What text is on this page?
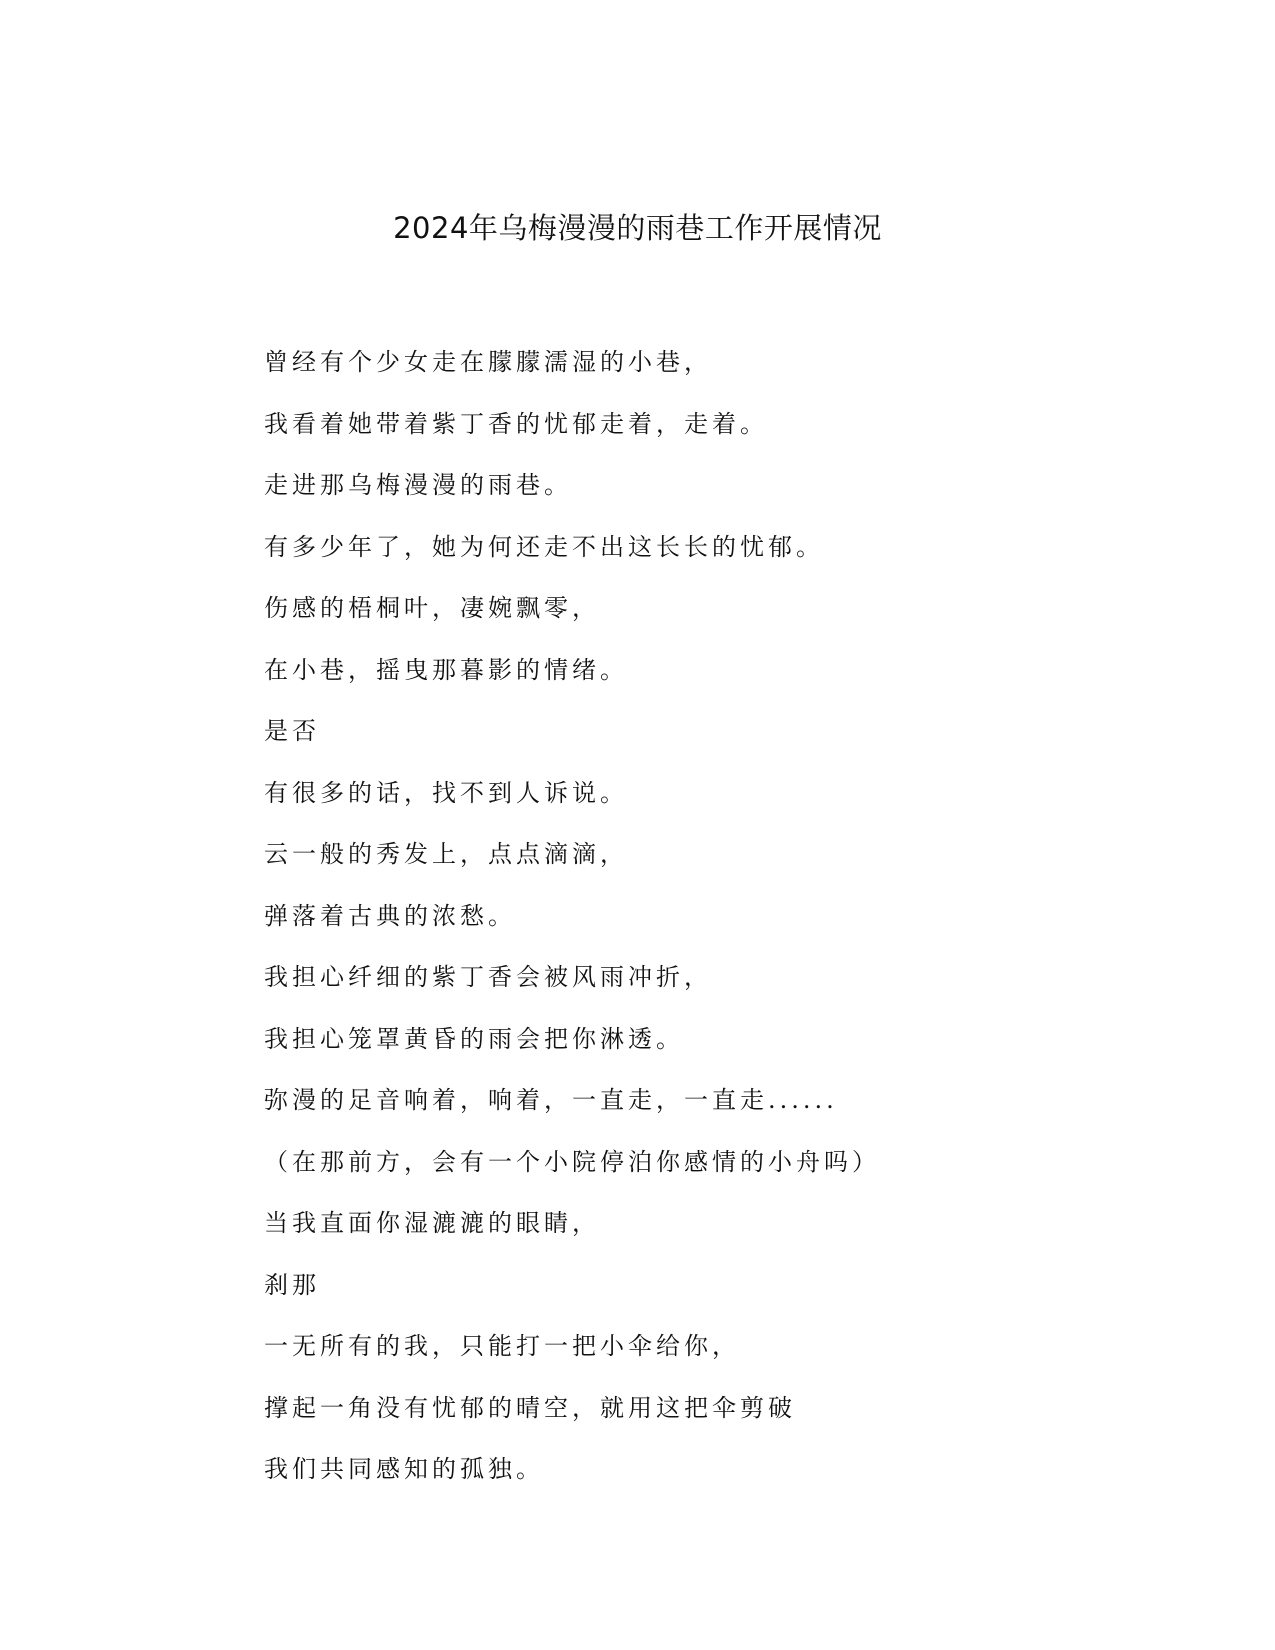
2024年乌梅漫漫的雨巷工作开展情况

曾经有个少女走在朦朦濡湿的小巷，

我看着她带着紫丁香的忧郁走着，走着。

走进那乌梅漫漫的雨巷。

有多少年了，她为何还走不出这长长的忧郁。

伤感的梧桐叶，凄婉飘零，

在小巷，摇曳那暮影的情绪。

是否

有很多的话，找不到人诉说。

云一般的秀发上，点点滴滴，

弹落着古典的浓愁。

我担心纤细的紫丁香会被风雨冲折，

我担心笼罩黄昏的雨会把你淋透。

弥漫的足音响着，响着，一直走，一直走......

（在那前方，会有一个小院停泊你感情的小舟吗）

当我直面你湿漉漉的眼睛，

刹那

一无所有的我，只能打一把小伞给你，

撑起一角没有忧郁的晴空，就用这把伞剪破

我们共同感知的孤独。
